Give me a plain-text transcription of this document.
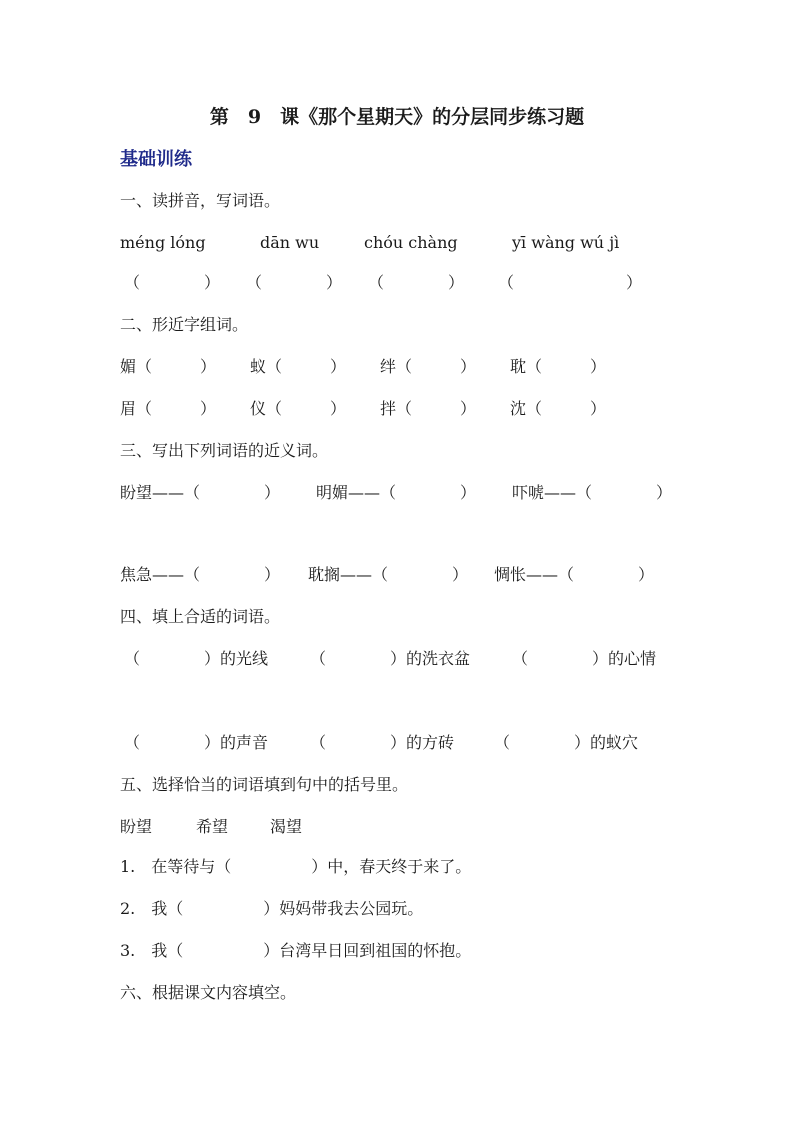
第　9　课《那个星期天》的分层同步练习题
基础训练
一、读拼音，写词语。
méng lóng	dān wu	chóu chàng	yī wàng wú jì
（　　　　） （　　　　） （　　　　） （　　　　　　　）
二、形近字组词。
媚（　　　） 蚁（　　　） 绊（　　　） 耽（　　　）
眉（　　　） 仪（　　　） 拌（　　　） 沈（　　　）
三、写出下列词语的近义词。
盼望——（　　　　） 明媚——（　　　　） 吓唬——（　　　　）
焦急——（　　　　） 耽搁——（　　　　） 惆怅——（　　　　）
四、填上合适的词语。
（　　　　）的光线	（　　　　）的洗衣盆	（　　　　）的心情
（　　　　）的声音	（　　　　）的方砖 （　　　　）的蚁穴
五、选择恰当的词语填到句中的括号里。
盼望	希望	渴望
1.　在等待与（　　　　　）中，春天终于来了。
2.　我（　　　　　）妈妈带我去公园玩。
3.　我（　　　　　）台湾早日回到祖国的怀抱。
六、根据课文内容填空。
